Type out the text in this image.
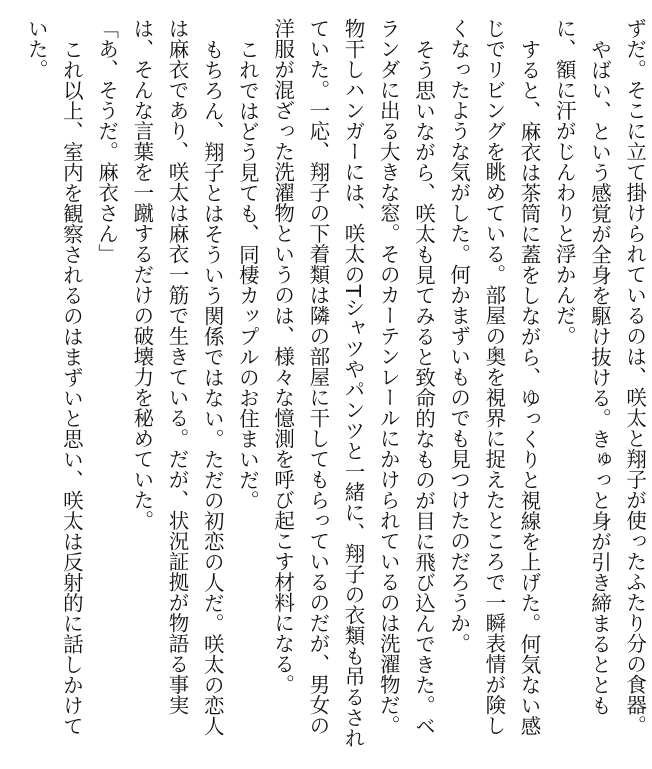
ずだ。そこに立て掛けられているのは、咲太と翔子が使ったふたり分の食器。

やばい、という感覚が全身を駆け抜ける。きゅっと身が引き締まるとともに、額に汗がじんわりと浮かんだ。

すると、麻衣は茶筒に蓋をしながら、ゆっくりと視線を上げた。何気ない感じでリビングを眺めている。部屋の奥を視界に捉えたところで一瞬表情が険しくなったような気がした。何かまずいものでも見つけたのだろうか。

そう思いながら、咲太も見てみると致命的なものが目に飛び込んできた。ベランダに出る大きな窓。そのカーテンレールにかけられているのは洗濯物だ。物干しハンガーには、咲太のTシャツやパンツと一緒に、翔子の衣類も吊るされていた。一応、翔子の下着類は隣の部屋に干してもらっているのだが、男女の洋服が混ざった洗濯物というのは、様々な憶測を呼び起こす材料になる。

これではどう見ても、同棲カップルのお住まいだ。

もちろん、翔子とはそういう関係ではない。ただの初恋の人だ。咲太の恋人は麻衣であり、咲太は麻衣一筋で生きている。だが、状況証拠が物語る事実は、そんな言葉を一蹴するだけの破壊力を秘めていた。

「あ、そうだ。麻衣さん」

これ以上、室内を観察されるのはまずいと思い、咲太は反射的に話しかけていた。
